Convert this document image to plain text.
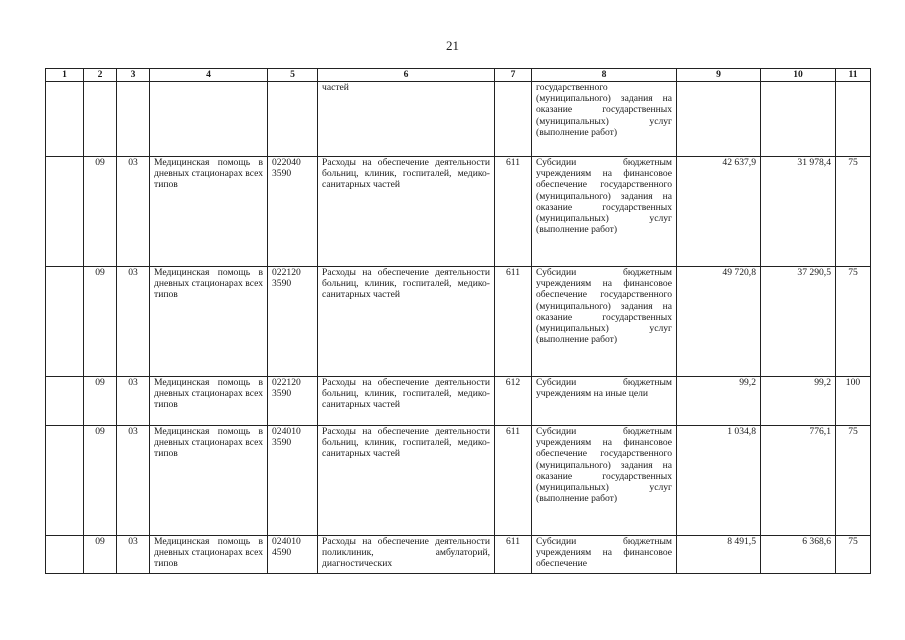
21
1	2	3	4	5	6	7	8	9	10	11
					частей		государственного (муниципального) задания на оказание государственных (муниципальных) услуг (выполнение работ)			
	09	03	Медицинская помощь в дневных стационарах всех типов	022040 3590	Расходы на обеспечение деятельности больниц, клиник, госпиталей, медико-санитарных частей	611	Субсидии бюджетным учреждениям на финансовое обеспечение государственного (муниципального) задания на оказание государственных (муниципальных) услуг (выполнение работ)	42 637,9	31 978,4	75
	09	03	Медицинская помощь в дневных стационарах всех типов	022120 3590	Расходы на обеспечение деятельности больниц, клиник, госпиталей, медико-санитарных частей	611	Субсидии бюджетным учреждениям на финансовое обеспечение государственного (муниципального) задания на оказание государственных (муниципальных) услуг (выполнение работ)	49 720,8	37 290,5	75
	09	03	Медицинская помощь в дневных стационарах всех типов	022120 3590	Расходы на обеспечение деятельности больниц, клиник, госпиталей, медико-санитарных частей	612	Субсидии бюджетным учреждениям на иные цели	99,2	99,2	100
	09	03	Медицинская помощь в дневных стационарах всех типов	024010 3590	Расходы на обеспечение деятельности больниц, клиник, госпиталей, медико-санитарных частей	611	Субсидии бюджетным учреждениям на финансовое обеспечение государственного (муниципального) задания на оказание государственных (муниципальных) услуг (выполнение работ)	1 034,8	776,1	75
	09	03	Медицинская помощь в дневных стационарах всех типов	024010 4590	Расходы на обеспечение деятельности поликлиник, амбулаторий, диагностических	611	Субсидии бюджетным учреждениям на финансовое обеспечение	8 491,5	6 368,6	75
